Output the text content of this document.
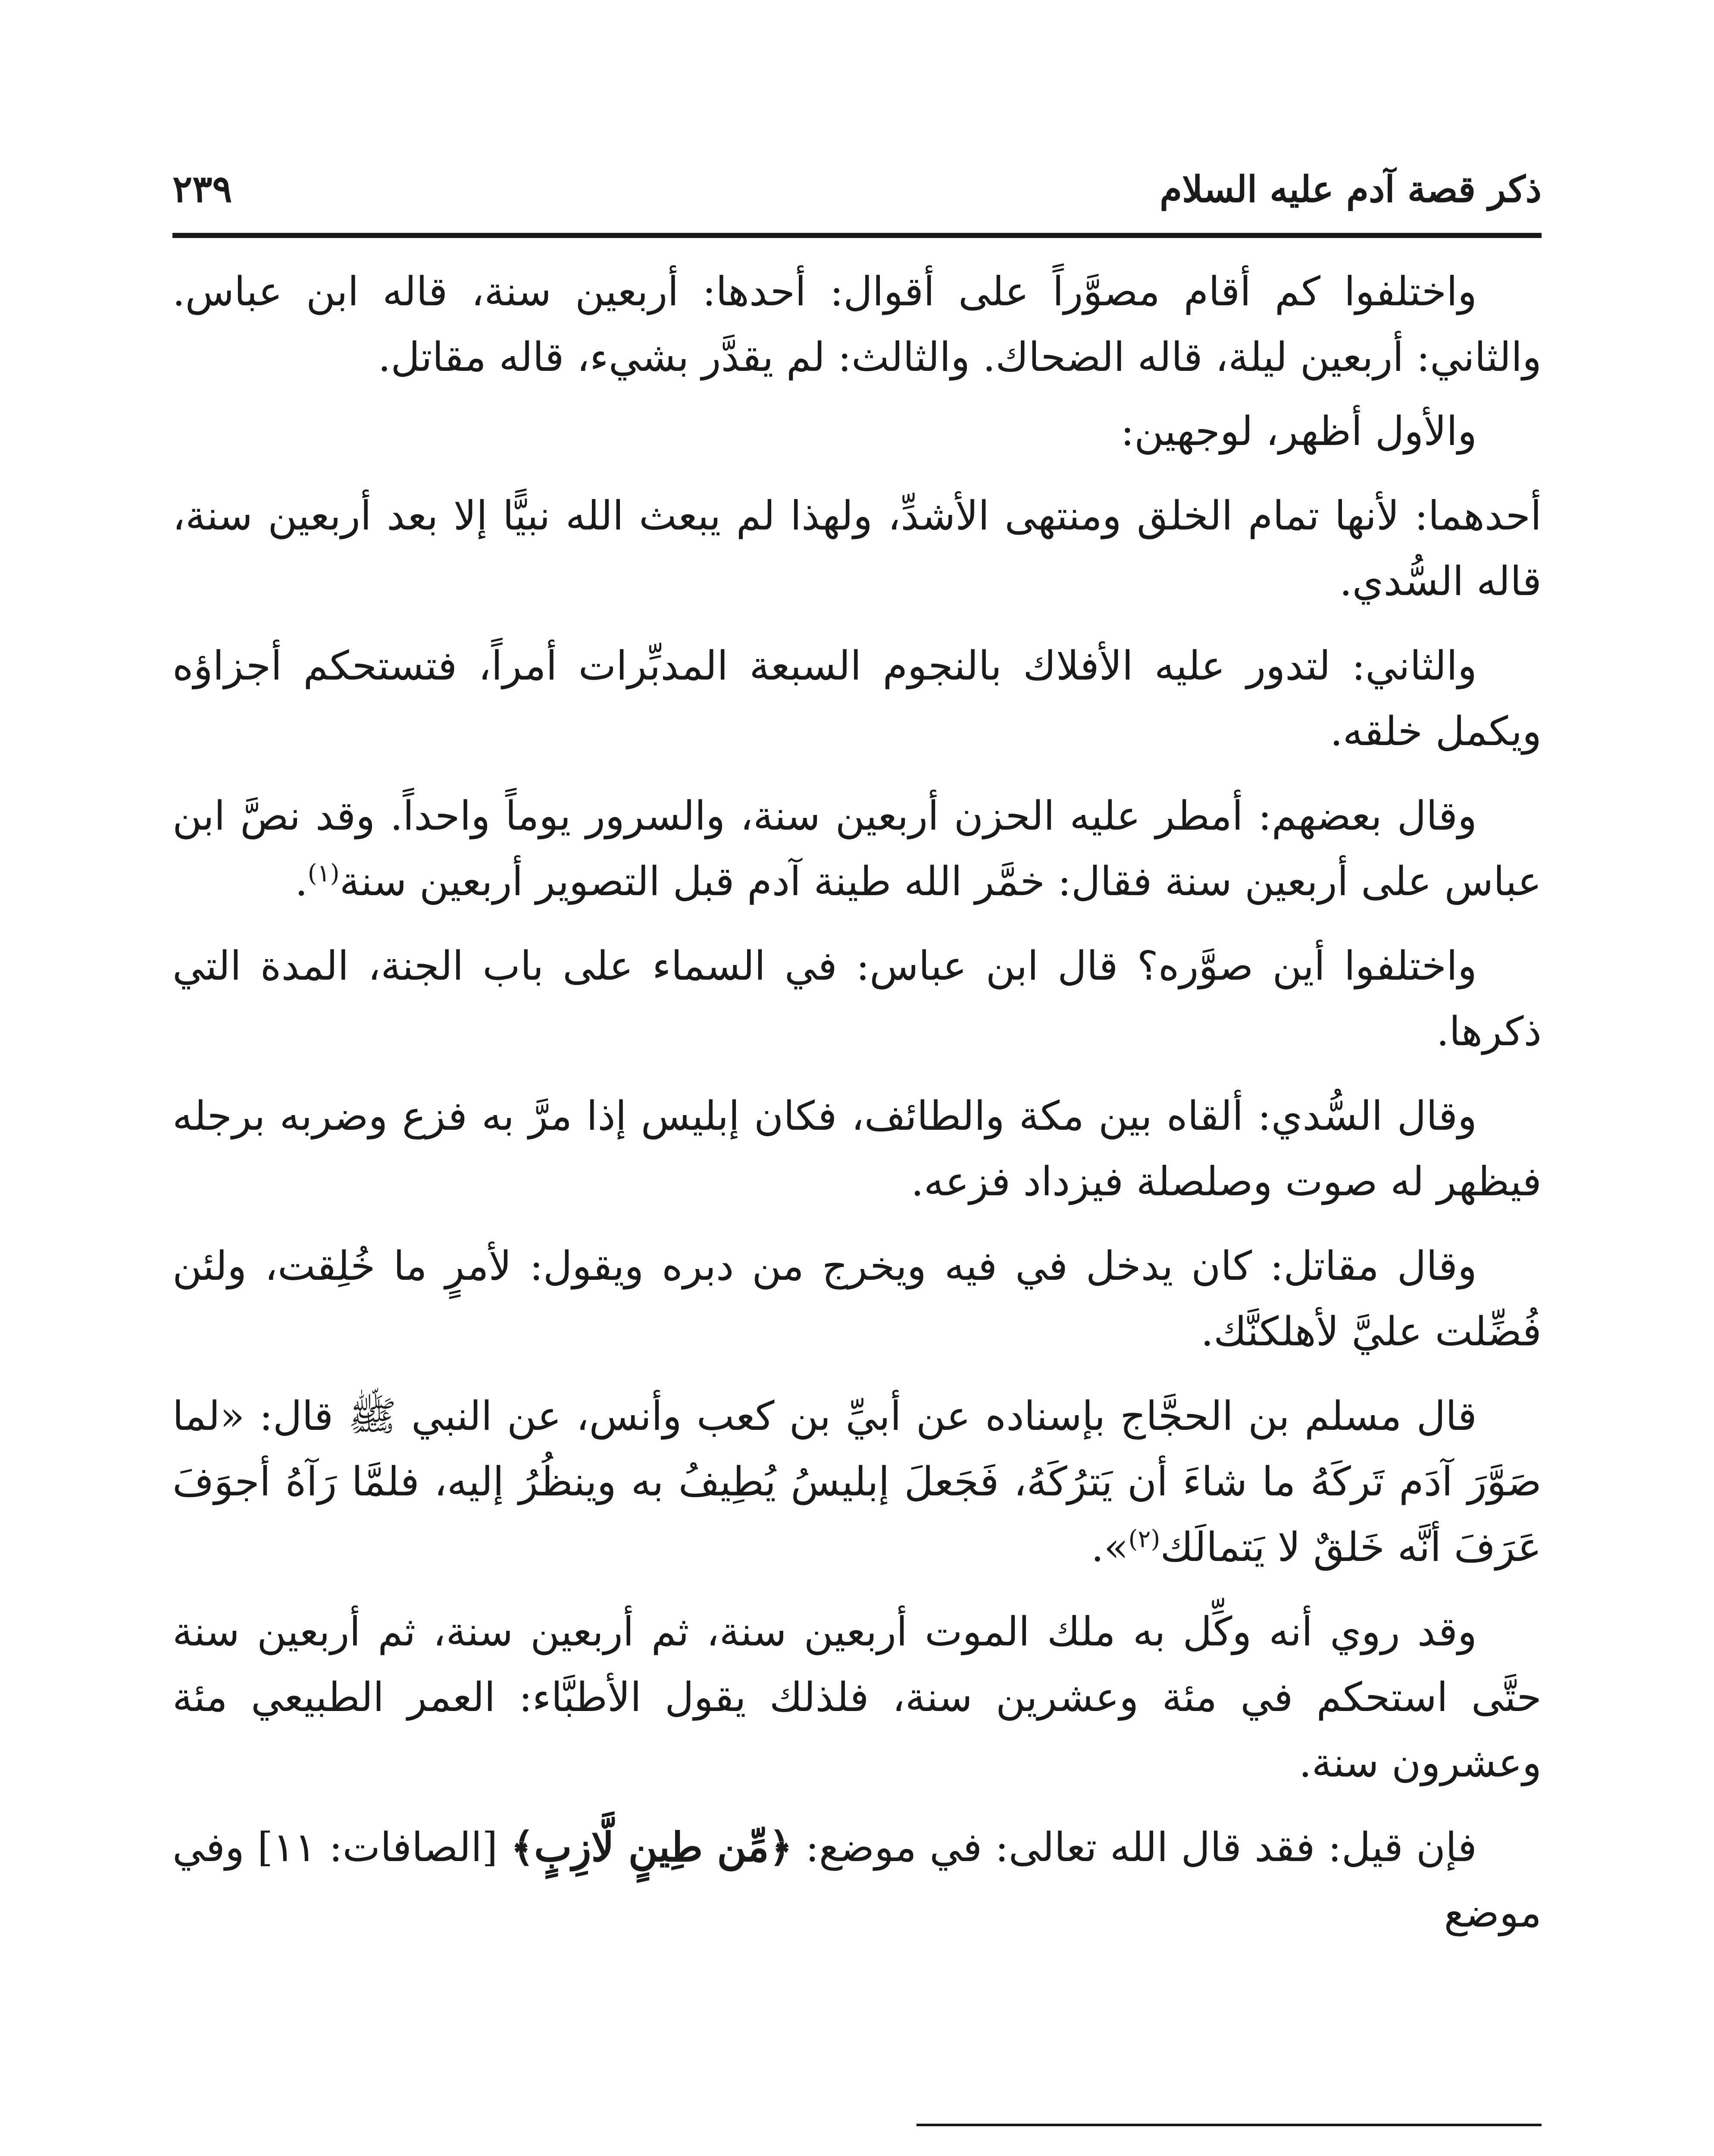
ذكر قصة آدم عليه السلام
٢٣٩

واختلفوا كم أقام مصوَّراً على أقوال: أحدها: أربعين سنة، قاله ابن عباس. والثاني: أربعين ليلة، قاله الضحاك. والثالث: لم يقدَّر بشيء، قاله مقاتل.

والأول أظهر، لوجهين:

أحدهما: لأنها تمام الخلق ومنتهى الأشدِّ، ولهذا لم يبعث الله نبيًّا إلا بعد أربعين سنة، قاله السُّدي.

والثاني: لتدور عليه الأفلاك بالنجوم السبعة المدبِّرات أمراً، فتستحكم أجزاؤه ويكمل خلقه.

وقال بعضهم: أمطر عليه الحزن أربعين سنة، والسرور يوماً واحداً. وقد نصَّ ابن عباس على أربعين سنة فقال: خمَّر الله طينة آدم قبل التصوير أربعين سنة$^{(١)}$.

واختلفوا أين صوَّره؟ قال ابن عباس: في السماء على باب الجنة، المدة التي ذكرها.

وقال السُّدي: ألقاه بين مكة والطائف، فكان إبليس إذا مرَّ به فزع وضربه برجله فيظهر له صوت وصلصلة فيزداد فزعه.

وقال مقاتل: كان يدخل في فيه ويخرج من دبره ويقول: لأمرٍ ما خُلِقت، ولئن فُضِّلت عليَّ لأهلكنَّك.

قال مسلم بن الحجَّاج بإسناده عن أبيِّ بن كعب وأنس، عن النبي ﷺ قال: «لما صَوَّرَ آدَم تَركَهُ ما شاءَ أن يَترُكَهُ، فَجَعلَ إبليسُ يُطِيفُ به وينظُرُ إليه، فلمَّا رَآهُ أجوَفَ عَرَفَ أنَّه خَلقٌ لا يَتمالَك$^{(٢)}$».

وقد روي أنه وكِّل به ملك الموت أربعين سنة، ثم أربعين سنة، ثم أربعين سنة حتَّى استحكم في مئة وعشرين سنة، فلذلك يقول الأطبَّاء: العمر الطبيعي مئة وعشرون سنة.

فإن قيل: فقد قال الله تعالى: في موضع: ﴿مِّن طِينٍ لَّازِبٍ﴾ [الصافات: ١١] وفي موضع
